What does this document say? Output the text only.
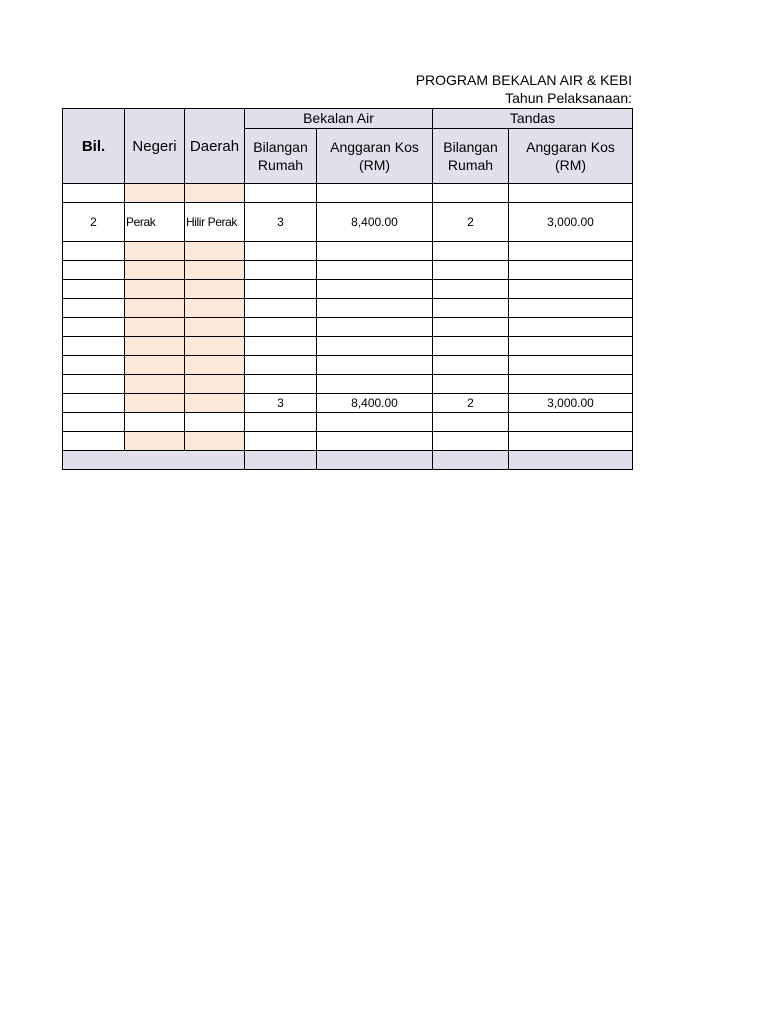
PROGRAM BEKALAN AIR & KEBI
Tahun Pelaksanaan:
Bil.	Negeri	Daerah	Bekalan Air		Tandas	
			Bilangan Rumah	Anggaran Kos (RM)	Bilangan Rumah	Anggaran Kos (RM)

2	Perak	Hilir Perak	3	8,400.00	2	3,000.00

			3	8,400.00	2	3,000.00
